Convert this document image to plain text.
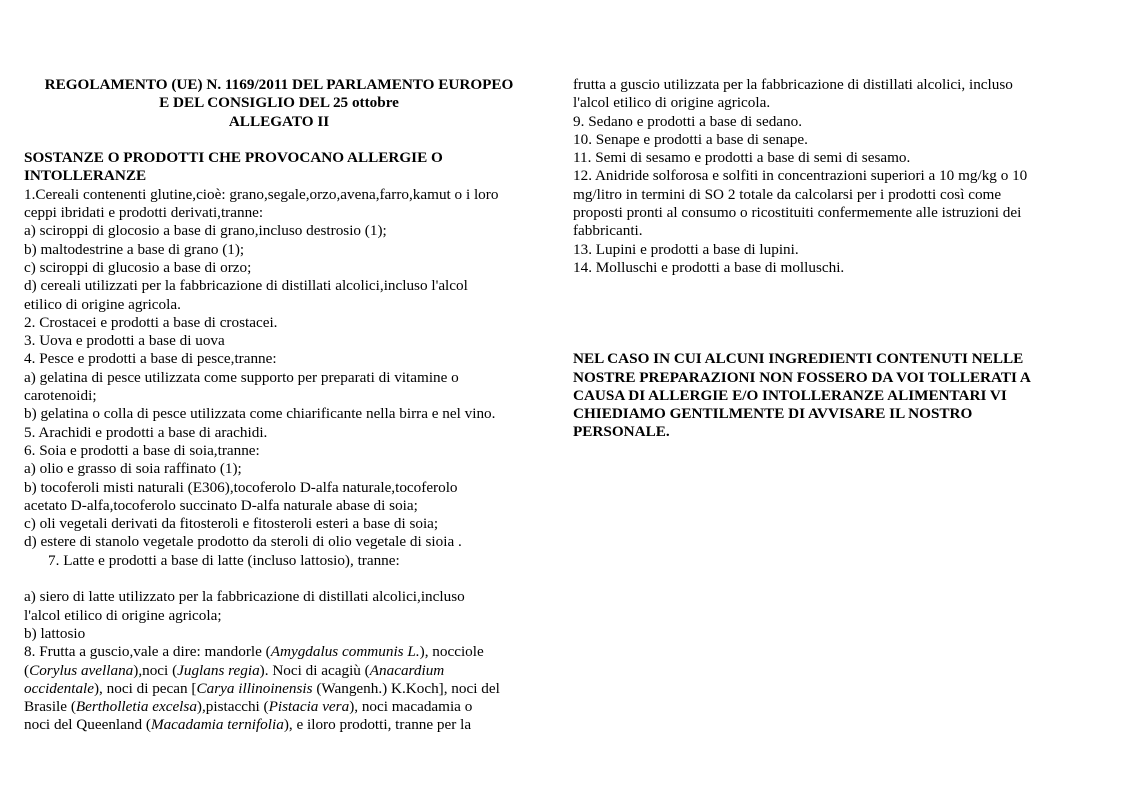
REGOLAMENTO (UE) N. 1169/2011 DEL PARLAMENTO EUROPEO
E DEL CONSIGLIO DEL 25 ottobre
ALLEGATO II
SOSTANZE O PRODOTTI CHE PROVOCANO ALLERGIE O
INTOLLERANZE
1.Cereali contenenti glutine,cioè: grano,segale,orzo,avena,farro,kamut o i loro
ceppi ibridati e prodotti derivati,tranne:
a) sciroppi di glocosio a base di grano,incluso destrosio (1);
b) maltodestrine a base di grano (1);
c) sciroppi di glucosio a base di orzo;
d) cereali utilizzati per la fabbricazione di distillati alcolici,incluso l'alcol
etilico di origine agricola.
2. Crostacei e prodotti a base di crostacei.
3. Uova e prodotti a base di uova
4. Pesce e prodotti a base di pesce,tranne:
a) gelatina di pesce utilizzata come supporto per preparati di vitamine o
carotenoidi;
b) gelatina o colla di pesce utilizzata come chiarificante nella birra e nel vino.
5. Arachidi e prodotti a base di arachidi.
6. Soia e prodotti a base di soia,tranne:
a) olio e grasso di soia raffinato (1);
b) tocoferoli misti naturali (E306),tocoferolo D-alfa naturale,tocoferolo
acetato D-alfa,tocoferolo succinato D-alfa naturale abase di soia;
c) oli vegetali derivati da fitosteroli e fitosteroli esteri a base di soia;
d) estere di stanolo vegetale prodotto da steroli di olio vegetale di sioia .
7. Latte e prodotti a base di latte (incluso lattosio), tranne:
a) siero di latte utilizzato per la fabbricazione di distillati alcolici,incluso
l'alcol etilico di origine agricola;
b) lattosio
8. Frutta a guscio,vale a dire: mandorle (Amygdalus communis L.), nocciole
(Corylus avellana),noci (Juglans regia). Noci di acagiù (Anacardium
occidentale), noci di pecan [Carya illinoinensis (Wangenh.) K.Koch], noci del
Brasile (Bertholletia excelsa),pistacchi (Pistacia vera), noci macadamia o
noci del Queenland (Macadamia ternifolia), e iloro prodotti, tranne per la
frutta a guscio utilizzata per la fabbricazione di distillati alcolici, incluso
l'alcol etilico di origine agricola.
9. Sedano e prodotti a base di sedano.
10. Senape e prodotti a base di senape.
11. Semi di sesamo e prodotti a base di semi di sesamo.
12. Anidride solforosa e solfiti in concentrazioni superiori a 10 mg/kg o 10
mg/litro in termini di SO 2 totale da calcolarsi per i prodotti così come
proposti pronti al consumo o ricostituiti confermemente alle istruzioni dei
fabbricanti.
13. Lupini e prodotti a base di lupini.
14. Molluschi e prodotti a base di molluschi.
NEL CASO IN CUI ALCUNI INGREDIENTI CONTENUTI NELLE
NOSTRE PREPARAZIONI NON FOSSERO DA VOI TOLLERATI A
CAUSA DI ALLERGIE E/O INTOLLERANZE ALIMENTARI VI
CHIEDIAMO GENTILMENTE DI AVVISARE IL NOSTRO
PERSONALE.
